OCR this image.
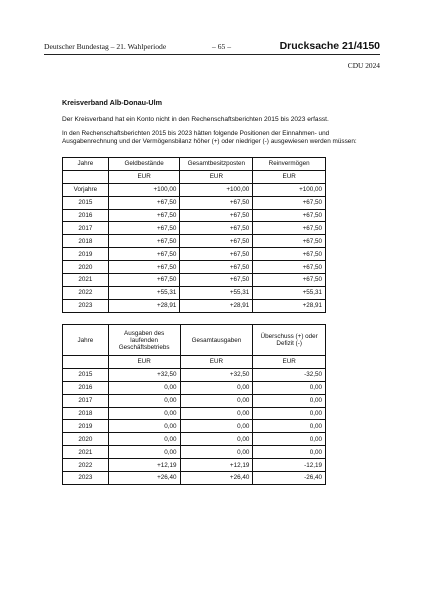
Deutscher Bundestag – 21. Wahlperiode	– 65 –	Drucksache 21/4150
CDU 2024
Kreisverband Alb-Donau-Ulm
Der Kreisverband hat ein Konto nicht in den Rechenschaftsberichten 2015 bis 2023 erfasst.
In den Rechenschaftsberichten 2015 bis 2023 hätten folgende Positionen der Einnahmen- und Ausgabenrechnung und der Vermögensbilanz höher (+) oder niedriger (-) ausgewiesen werden müssen:
Jahre	Geldbestände	Gesamtbesitzposten	Reinvermögen
	EUR	EUR	EUR
Vorjahre	+100,00	+100,00	+100,00
2015	+67,50	+67,50	+67,50
2016	+67,50	+67,50	+67,50
2017	+67,50	+67,50	+67,50
2018	+67,50	+67,50	+67,50
2019	+67,50	+67,50	+67,50
2020	+67,50	+67,50	+67,50
2021	+67,50	+67,50	+67,50
2022	+55,31	+55,31	+55,31
2023	+28,91	+28,91	+28,91
Jahre	Ausgaben des laufenden Geschäftsbetriebs	Gesamtausgaben	Überschuss (+) oder Defizit (-)
	EUR	EUR	EUR
2015	+32,50	+32,50	-32,50
2016	0,00	0,00	0,00
2017	0,00	0,00	0,00
2018	0,00	0,00	0,00
2019	0,00	0,00	0,00
2020	0,00	0,00	0,00
2021	0,00	0,00	0,00
2022	+12,19	+12,19	-12,19
2023	+26,40	+26,40	-26,40
